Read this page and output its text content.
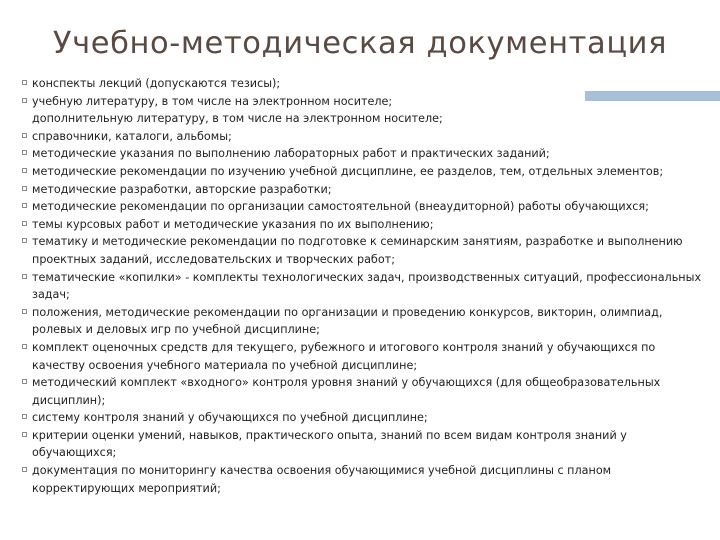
Учебно-методическая документация
конспекты лекций (допускаются тезисы);
учебную литературу, в том числе на электронном носителе;
дополнительную литературу, в том числе на электронном носителе;
справочники, каталоги, альбомы;
методические указания по выполнению лабораторных работ и практических заданий;
методические рекомендации по изучению учебной дисциплине, ее разделов, тем, отдельных элементов;
методические разработки, авторские разработки;
методические рекомендации по организации самостоятельной (внеаудиторной) работы обучающихся;
темы курсовых работ и методические указания по их выполнению;
тематику и методические рекомендации по подготовке к семинарским занятиям, разработке и выполнению проектных заданий, исследовательских и творческих работ;
тематические «копилки» - комплекты технологических задач, производственных ситуаций, профессиональных задач;
положения, методические рекомендации по организации и проведению конкурсов, викторин, олимпиад, ролевых и деловых игр по учебной дисциплине;
комплект оценочных средств для текущего, рубежного и итогового контроля знаний у обучающихся по качеству освоения учебного материала по учебной дисциплине;
методический комплект «входного» контроля уровня знаний у обучающихся (для общеобразовательных дисциплин);
систему контроля знаний у обучающихся по учебной дисциплине;
критерии оценки умений, навыков, практического опыта, знаний по всем видам контроля знаний у обучающихся;
документация по мониторингу качества освоения обучающимися учебной дисциплины с планом корректирующих мероприятий;
